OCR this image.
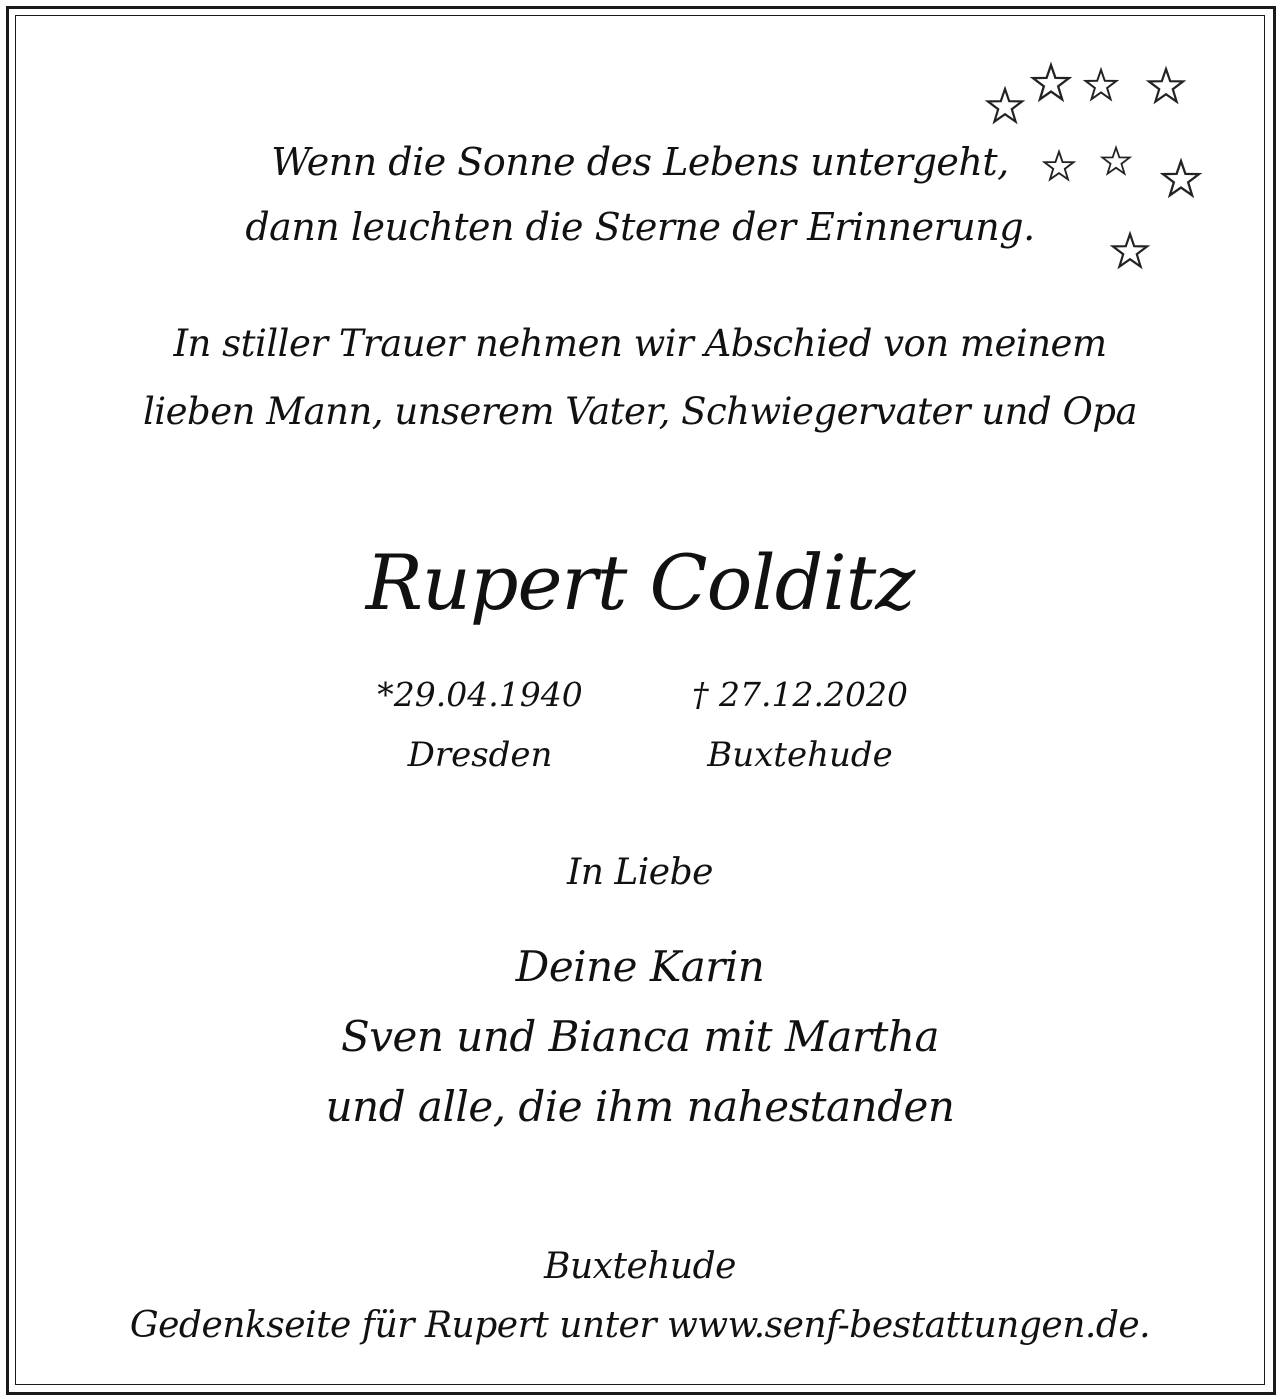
Wenn die Sonne des Lebens untergeht,
dann leuchten die Sterne der Erinnerung.
In stiller Trauer nehmen wir Abschied von meinem
lieben Mann, unserem Vater, Schwiegervater und Opa
Rupert Colditz
*29.04.1940	† 27.12.2020
Dresden	Buxtehude
In Liebe
Deine Karin
Sven und Bianca mit Martha
und alle, die ihm nahestanden
Buxtehude
Gedenkseite für Rupert unter www.senf-bestattungen.de.
